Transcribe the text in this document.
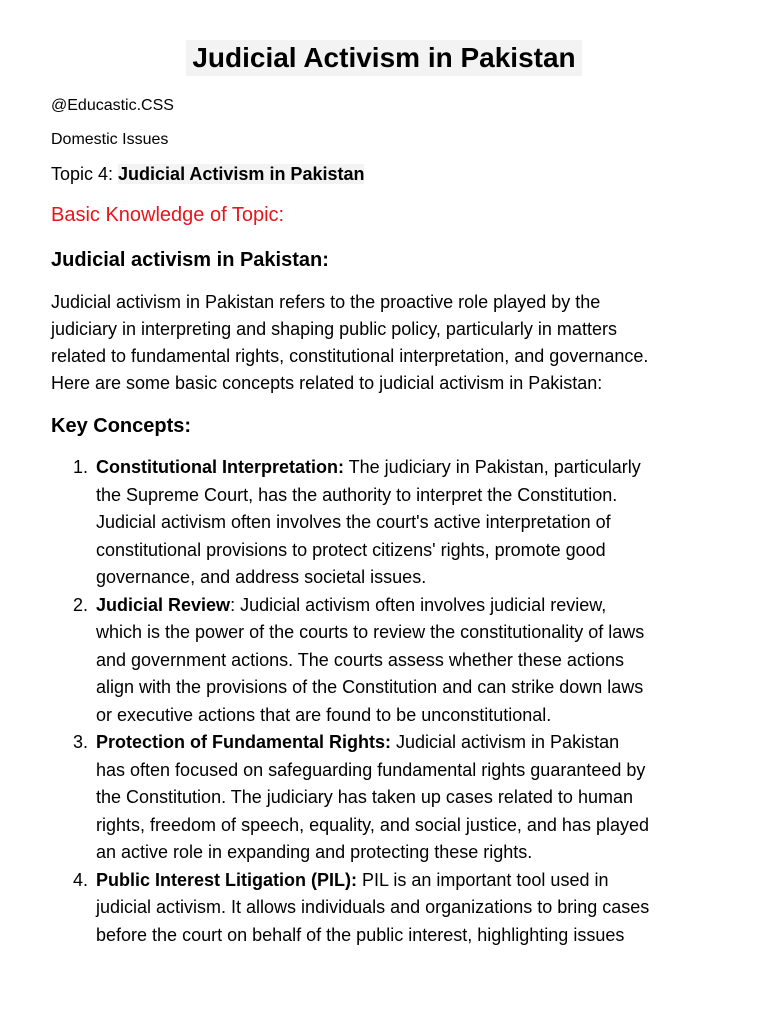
Judicial Activism in Pakistan
@Educastic.CSS
Domestic Issues
Topic 4: Judicial Activism in Pakistan
Basic Knowledge of Topic:
Judicial activism in Pakistan:

Judicial activism in Pakistan refers to the proactive role played by the
judiciary in interpreting and shaping public policy, particularly in matters
related to fundamental rights, constitutional interpretation, and governance.
Here are some basic concepts related to judicial activism in Pakistan:

Key Concepts:
1. Constitutional Interpretation: The judiciary in Pakistan, particularly
the Supreme Court, has the authority to interpret the Constitution.
Judicial activism often involves the court's active interpretation of
constitutional provisions to protect citizens' rights, promote good
governance, and address societal issues.
2. Judicial Review: Judicial activism often involves judicial review,
which is the power of the courts to review the constitutionality of laws
and government actions. The courts assess whether these actions
align with the provisions of the Constitution and can strike down laws
or executive actions that are found to be unconstitutional.
3. Protection of Fundamental Rights: Judicial activism in Pakistan
has often focused on safeguarding fundamental rights guaranteed by
the Constitution. The judiciary has taken up cases related to human
rights, freedom of speech, equality, and social justice, and has played
an active role in expanding and protecting these rights.
4. Public Interest Litigation (PIL): PIL is an important tool used in
judicial activism. It allows individuals and organizations to bring cases
before the court on behalf of the public interest, highlighting issues
